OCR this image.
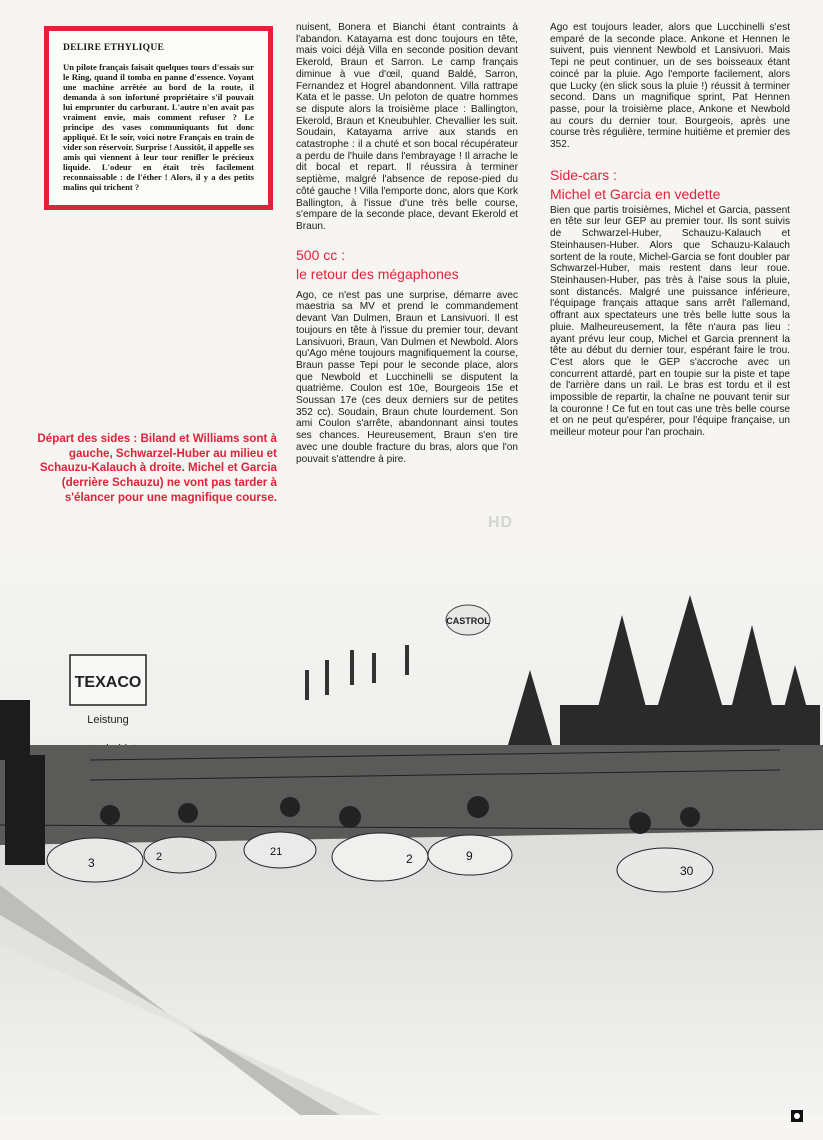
DELIRE ETHYLIQUE

Un pilote français faisait quelques tours d'essais sur le Ring, quand il tomba en panne d'essence. Voyant une machine arrêtée au bord de la route, il demanda à son infortuné propriétaire s'il pouvait lui emprunter du carburant. L'autre n'en avait pas vraiment envie, mais comment refuser ? Le principe des vases communiquants fut donc appliqué. Et le soir, voici notre Français en train de vider son réservoir. Surprise ! Aussitôt, il appelle ses amis qui viennent à leur tour renifler le précieux liquide. L'odeur en était très facilement reconnaissable : de l'éther ! Alors, il y a des petits malins qui trichent ?

Départ des sides : Biland et Williams sont à gauche, Schwarzel-Huber au milieu et Schauzu-Kalauch à droite. Michel et Garcia (derrière Schauzu) ne vont pas tarder à s'élancer pour une magnifique course.

nuisent, Bonera et Bianchi étant contraints à l'abandon. Katayama est donc toujours en tête, mais voici déjà Villa en seconde position devant Ekerold, Braun et Sarron. Le camp français diminue à vue d'œil, quand Baldé, Sarron, Fernandez et Hogrel abandonnent. Villa rattrape Kata et le passe. Un peloton de quatre hommes se dispute alors la troisième place : Ballington, Ekerold, Braun et Kneubuhler. Chevallier les suit. Soudain, Katayama arrive aux stands en catastrophe : il a chuté et son bocal récupérateur a perdu de l'huile dans l'embrayage ! Il arrache le dit bocal et repart. Il réussira à terminer septième, malgré l'absence de repose-pied du côté gauche ! Villa l'emporte donc, alors que Kork Ballington, à l'issue d'une très belle course, s'empare de la seconde place, devant Ekerold et Braun.

500 cc :
le retour des mégaphones

Ago, ce n'est pas une surprise, démarre avec maestria sa MV et prend le commandement devant Van Dulmen, Braun et Lansivuori. Il est toujours en tête à l'issue du premier tour, devant Lansivuori, Braun, Van Dulmen et Newbold. Alors qu'Ago mène toujours magnifiquement la course, Braun passe Tepi pour le seconde place, alors que Newbold et Lucchinelli se disputent la quatrième. Coulon est 10e, Bourgeois 15e et Soussan 17e (ces deux derniers sur de petites 352 cc). Soudain, Braun chute lourdement. Son ami Coulon s'arrête, abandonnant ainsi toutes ses chances. Heureusement, Braun s'en tire avec une double fracture du bras, alors que l'on pouvait s'attendre à pire.

Ago est toujours leader, alors que Lucchinelli s'est emparé de la seconde place. Ankone et Hennen le suivent, puis viennent Newbold et Lansivuori. Mais Tepi ne peut continuer, un de ses boisseaux étant coincé par la pluie. Ago l'emporte facilement, alors que Lucky (en slick sous la pluie !) réussit à terminer second. Dans un magnifique sprint, Pat Hennen passe, pour la troisième place, Ankone et Newbold au cours du dernier tour. Bourgeois, après une course très régulière, termine huitième et premier des 352.

Side-cars :
Michel et Garcia en vedette

Bien que partis troisièmes, Michel et Garcia, passent en tête sur leur GEP au premier tour. Ils sont suivis de Schwarzel-Huber, Schauzu-Kalauch et Steinhausen-Huber. Alors que Schauzu-Kalauch sortent de la route, Michel-Garcia se font doubler par Schwarzel-Huber, mais restent dans leur roue. Steinhausen-Huber, pas très à l'aise sous la pluie, sont distancés. Malgré une puissance inférieure, l'équipage français attaque sans arrêt l'allemand, offrant aux spectateurs une très belle lutte sous la pluie. Malheureusement, la fête n'aura pas lieu : ayant prévu leur coup, Michel et Garcia prennent la tête au début du dernier tour, espérant faire le trou. C'est alors que le GEP s'accroche avec un concurrent attardé, part en toupie sur la piste et tape de l'arrière dans un rail. Le bras est tordu et il est impossible de repartir, la chaîne ne pouvant tenir sur la couronne ! Ce fut en tout cas une très belle course et on ne peut qu'espérer, pour l'équipe française, un meilleur moteur pour l'an prochain.

HD
CASTROL
TEXACO
Leistung
3	2	21	2	9
30
